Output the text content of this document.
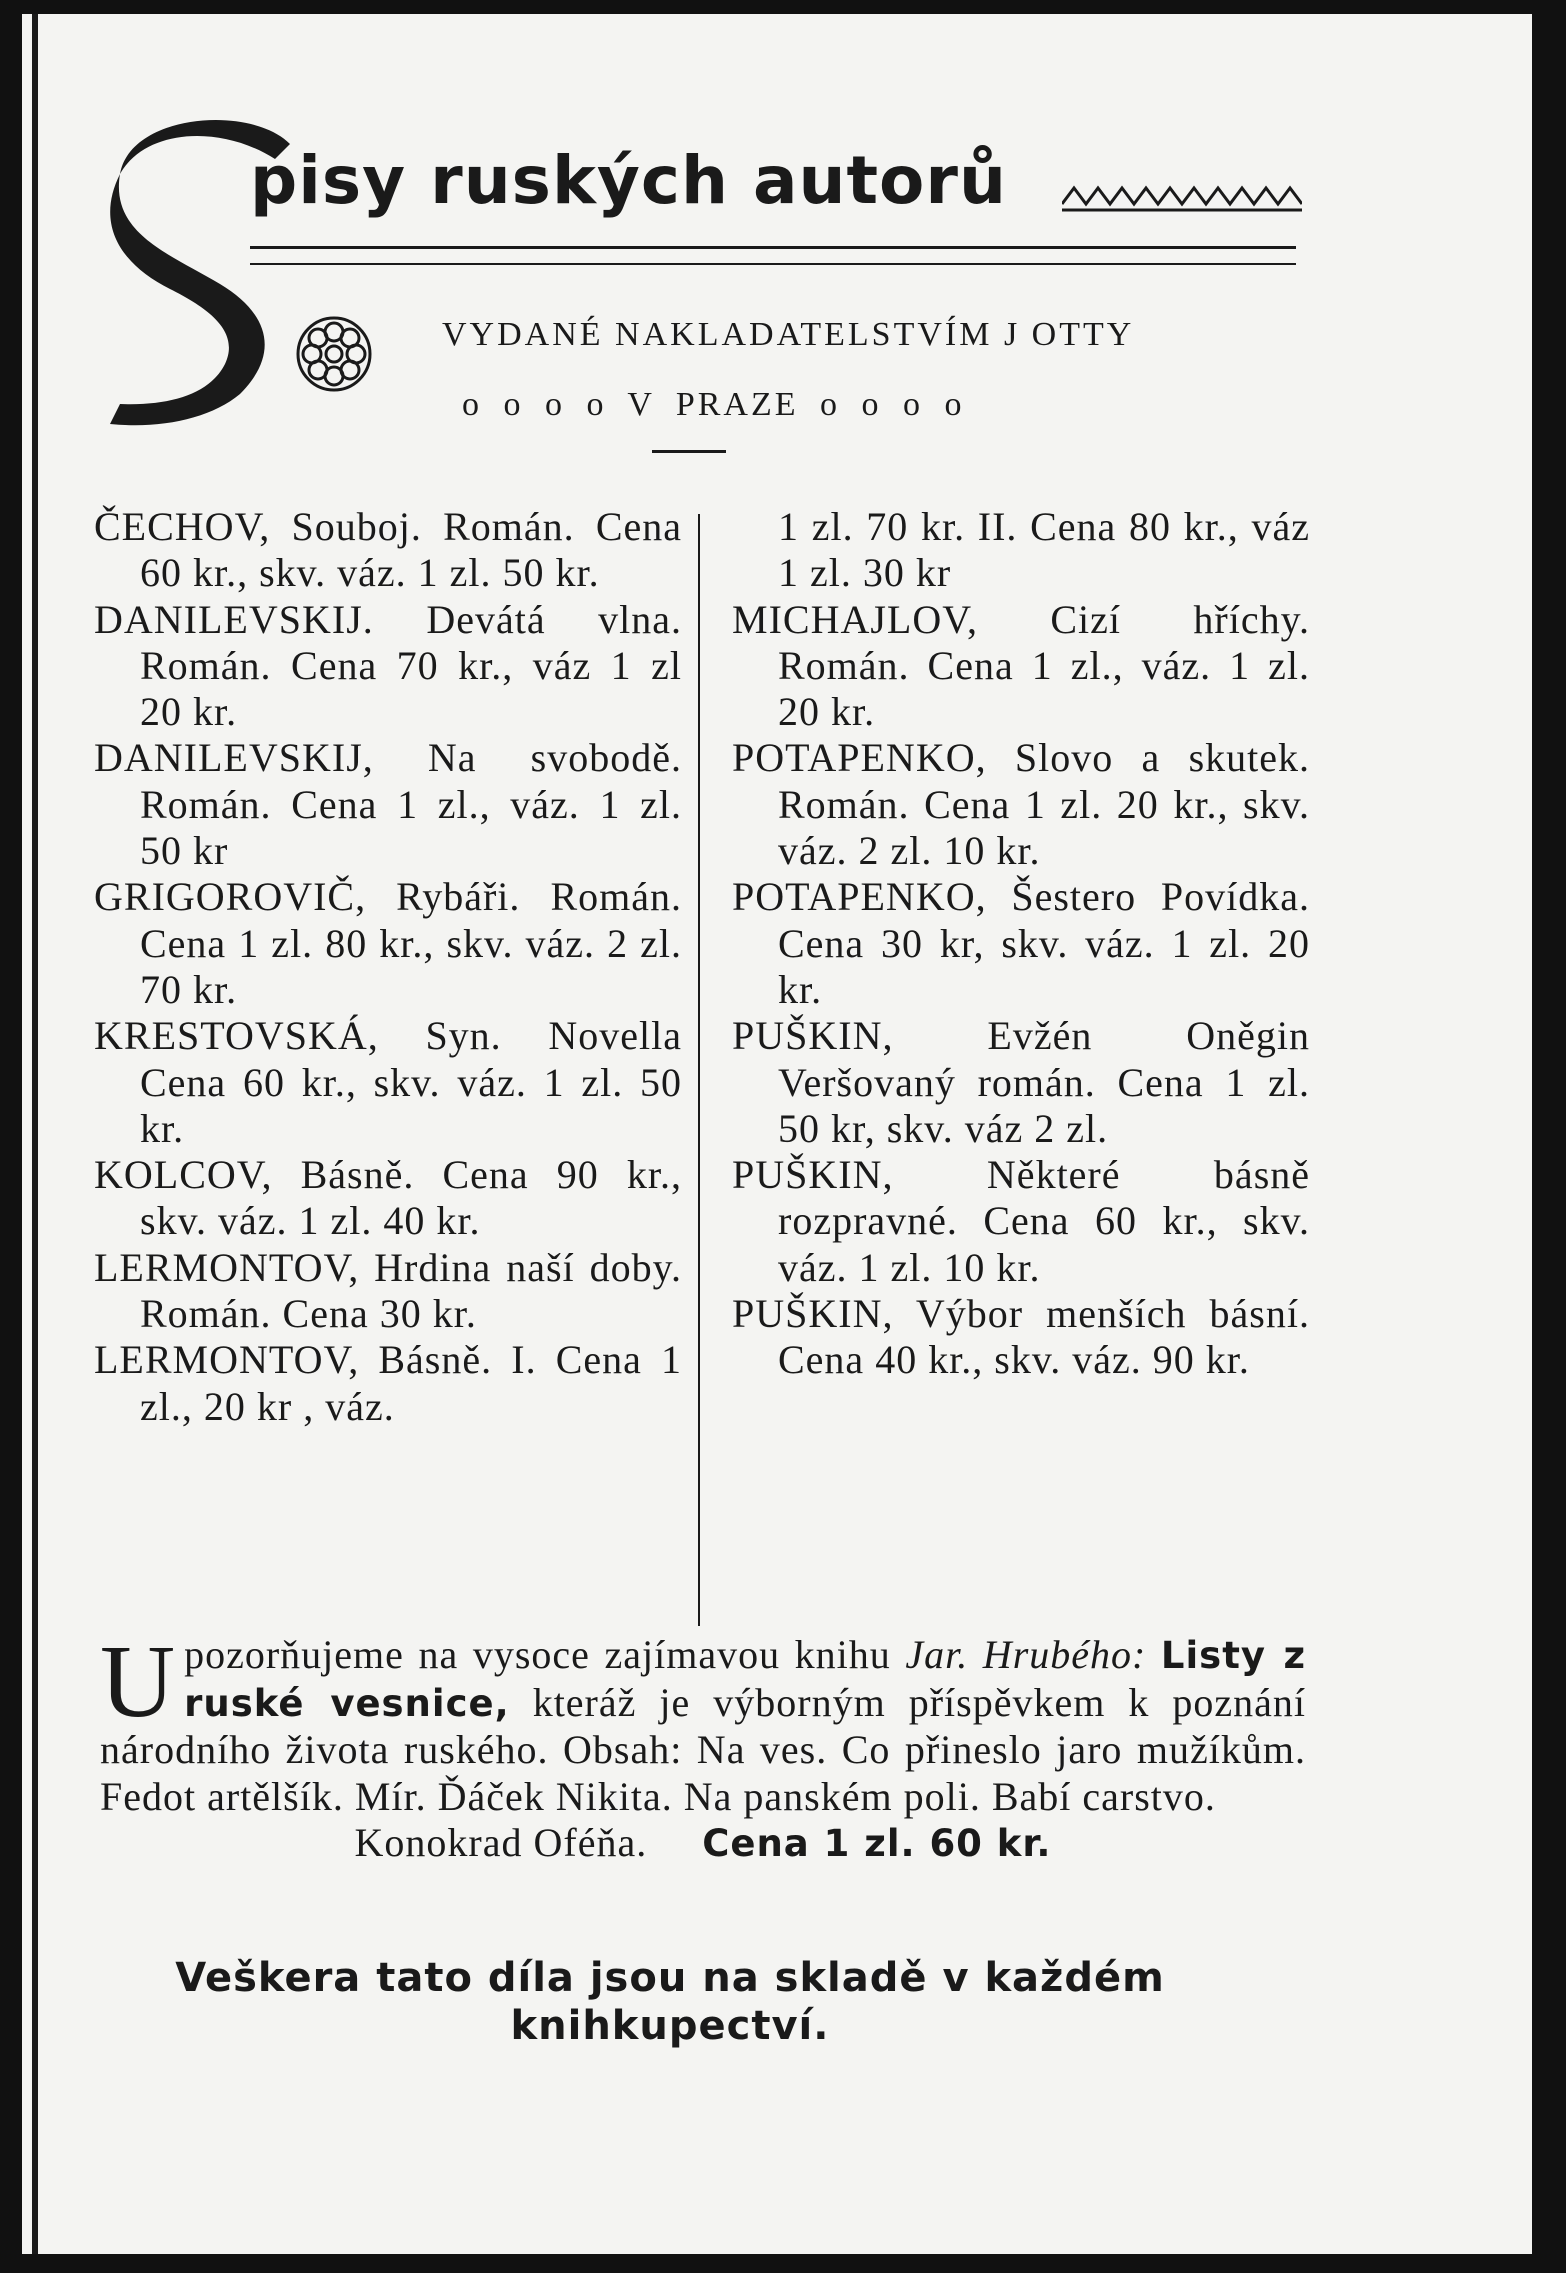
pisy ruských autorů
VYDANÉ NAKLADATELSTVÍM J OTTY
o o o o V PRAZE o o o o

ČECHOV, Souboj. Román. Cena 60 kr., skv. váz. 1 zl. 50 kr.

DANILEVSKIJ. Devátá vlna. Román. Cena 70 kr., váz 1 zl 20 kr.

DANILEVSKIJ, Na svobodě. Román. Cena 1 zl., váz. 1 zl. 50 kr

GRIGOROVIČ, Rybáři. Román. Cena 1 zl. 80 kr., skv. váz. 2 zl. 70 kr.

KRESTOVSKÁ, Syn. Novella Cena 60 kr., skv. váz. 1 zl. 50 kr.

KOLCOV, Básně. Cena 90 kr., skv. váz. 1 zl. 40 kr.

LERMONTOV, Hrdina naší doby. Román. Cena 30 kr.

LERMONTOV, Básně. I. Cena 1 zl., 20 kr , váz.

1 zl. 70 kr. II. Cena 80 kr., váz 1 zl. 30 kr

MICHAJLOV, Cizí hříchy. Román. Cena 1 zl., váz. 1 zl. 20 kr.

POTAPENKO, Slovo a skutek. Román. Cena 1 zl. 20 kr., skv. váz. 2 zl. 10 kr.

POTAPENKO, Šestero Povídka. Cena 30 kr, skv. váz. 1 zl. 20 kr.

PUŠKIN, Evžén Oněgin Veršovaný román. Cena 1 zl. 50 kr, skv. váz 2 zl.

PUŠKIN, Některé básně rozpravné. Cena 60 kr., skv. váz. 1 zl. 10 kr.

PUŠKIN, Výbor menších básní. Cena 40 kr., skv. váz. 90 kr.

Upozorňujeme na vysoce zajímavou knihu Jar. Hrubého: Listy z ruské vesnice, kteráž je výborným příspěvkem k poznání národního života ruského. Obsah: Na ves. Co přineslo jaro mužíkům. Fedot artělšík. Mír. Ďáček Nikita. Na panském poli. Babí carstvo.

Konokrad Oféňa. Cena 1 zl. 60 kr.

Veškera tato díla jsou na skladě v každém knihkupectví.
